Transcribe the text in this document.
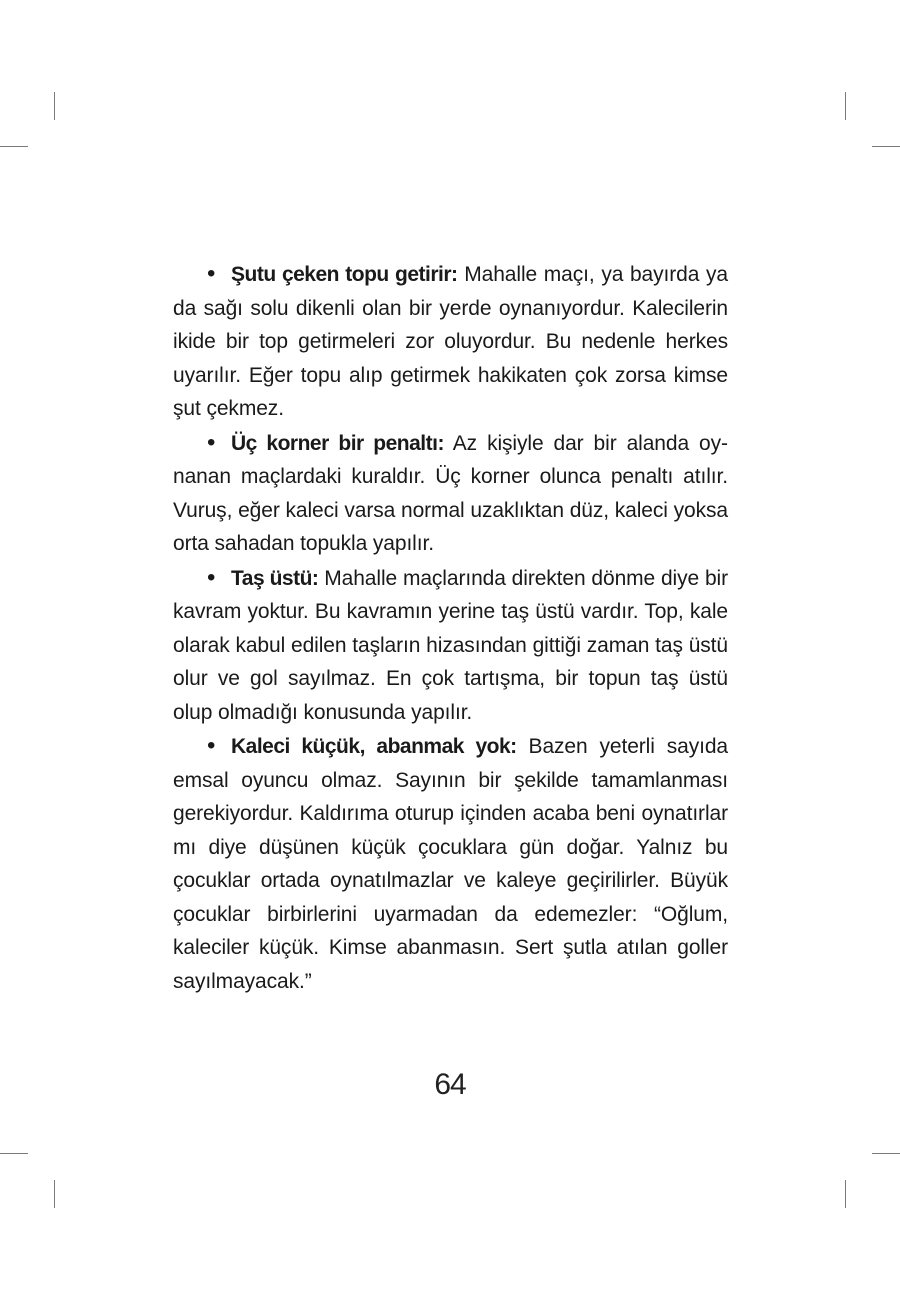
• Şutu çeken topu getirir: Mahalle maçı, ya bayırda ya da sağı solu dikenli olan bir yerde oynanıyordur. Kalecilerin ikide bir top getirmeleri zor oluyordur. Bu nedenle herkes uyarılır. Eğer topu alıp getirmek hakikaten çok zorsa kimse şut çekmez.

• Üç korner bir penaltı: Az kişiyle dar bir alanda oynanan maçlardaki kuraldır. Üç korner olunca penaltı atılır. Vuruş, eğer kaleci varsa normal uzaklıktan düz, kaleci yoksa orta sahadan topukla yapılır.

• Taş üstü: Mahalle maçlarında direkten dönme diye bir kavram yoktur. Bu kavramın yerine taş üstü vardır. Top, kale olarak kabul edilen taşların hizasından gittiği zaman taş üstü olur ve gol sayılmaz. En çok tartışma, bir topun taş üstü olup olmadığı konusunda yapılır.

• Kaleci küçük, abanmak yok: Bazen yeterli sayıda emsal oyuncu olmaz. Sayının bir şekilde tamamlanması gerekiyordur. Kaldırıma oturup içinden acaba beni oynatırlar mı diye düşünen küçük çocuklara gün doğar. Yalnız bu çocuklar ortada oynatılmazlar ve kaleye geçirilirler. Büyük çocuklar birbirlerini uyarmadan da edemezler: “Oğlum, kaleciler küçük. Kimse abanmasın. Sert şutla atılan goller sayılmayacak.”

64
